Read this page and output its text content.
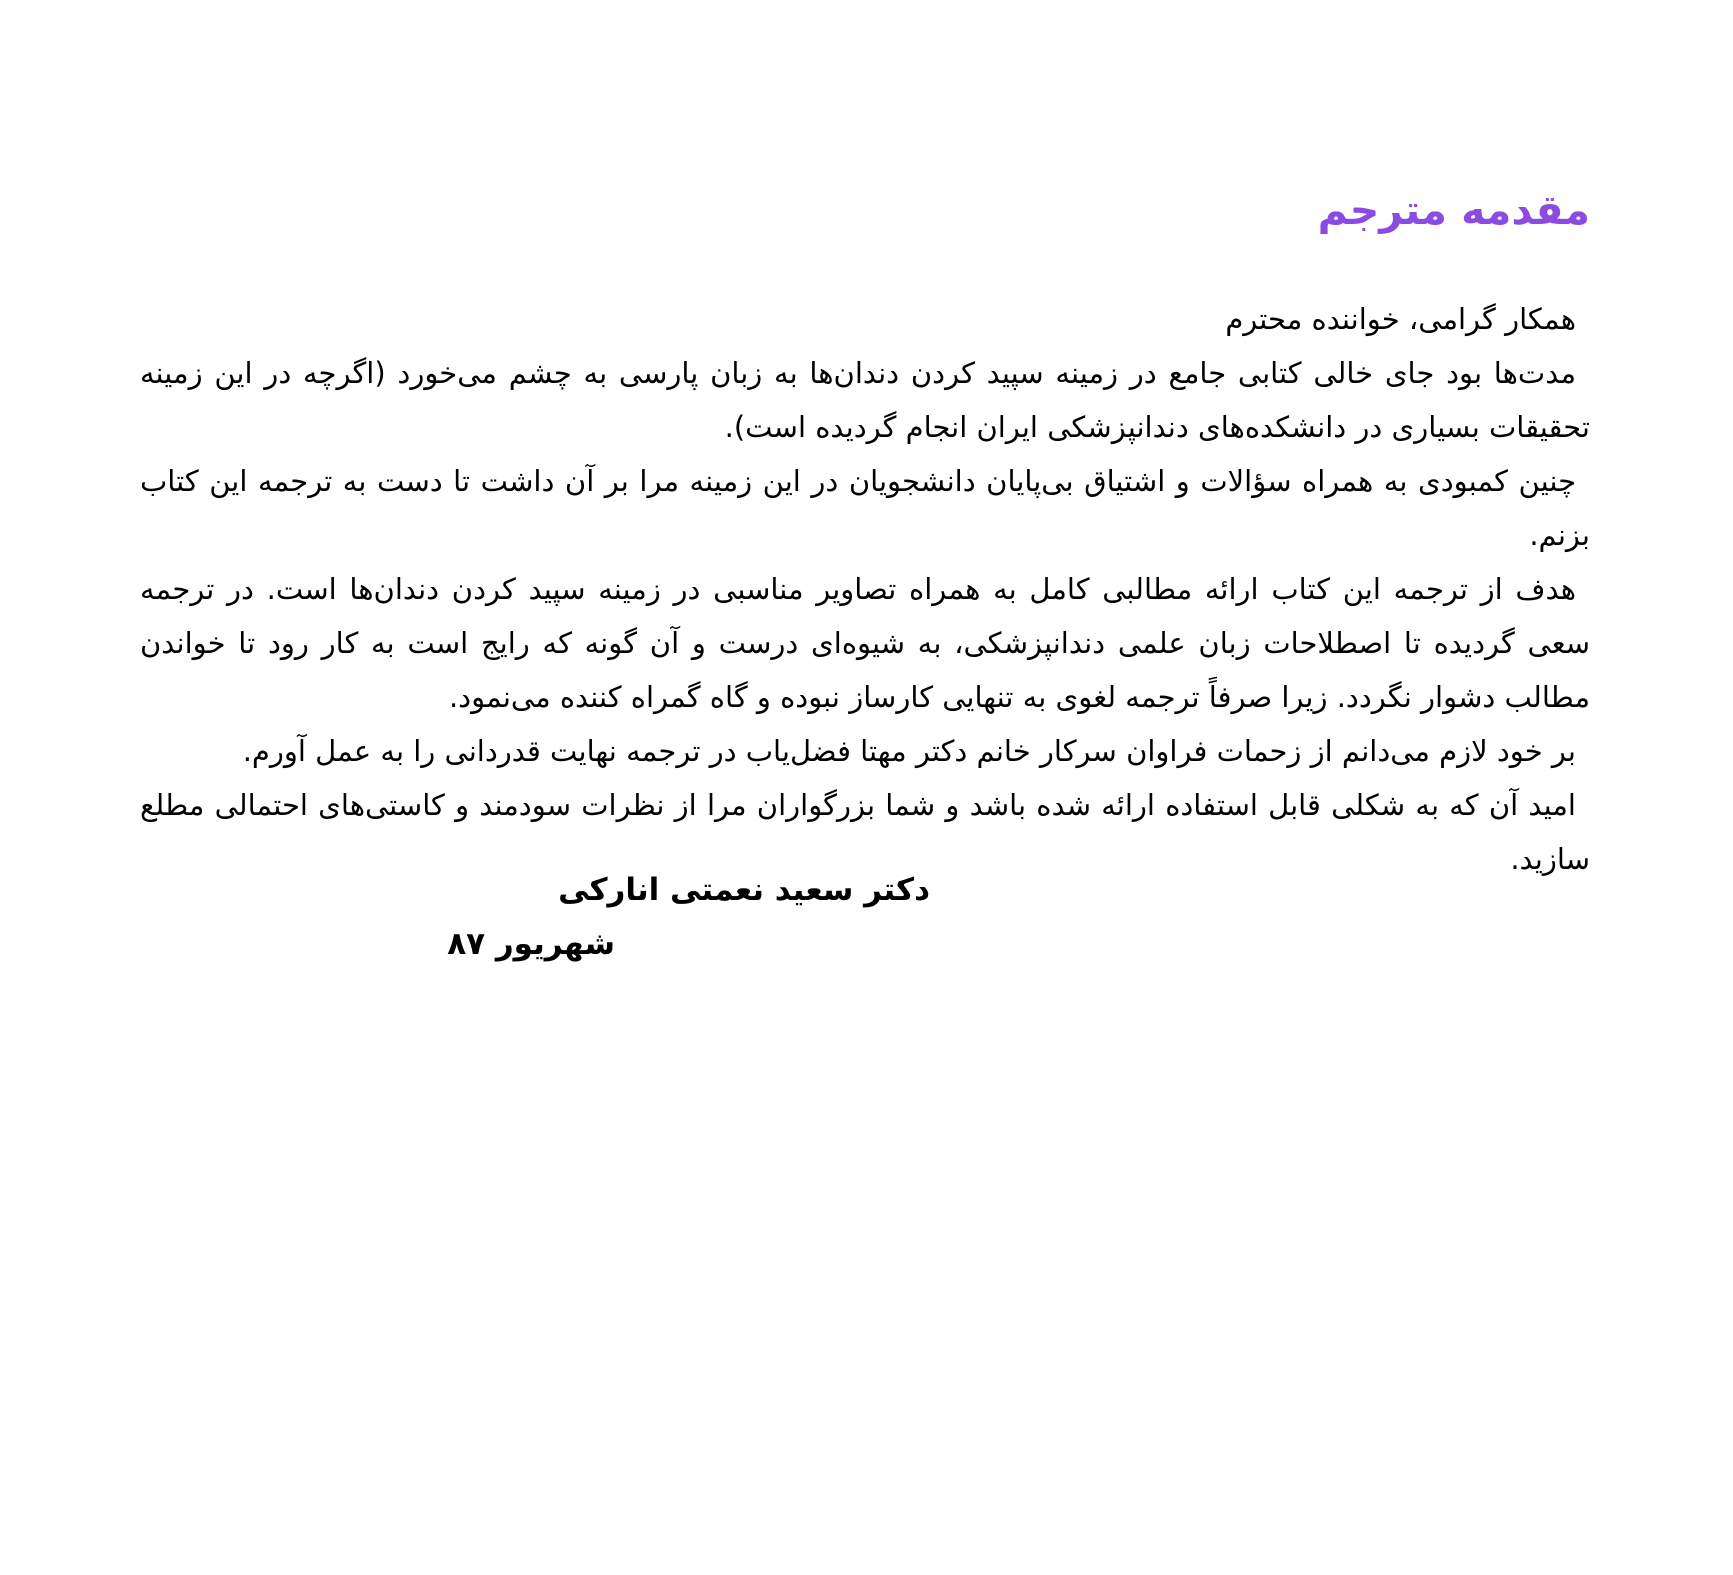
مقدمه مترجم

همکار گرامی، خواننده محترم

مدت‌ها بود جای خالی کتابی جامع در زمینه سپید کردن دندان‌ها به زبان پارسی به چشم می‌خورد (اگرچه در این زمینه تحقیقات بسیاری در دانشکده‌های دندانپزشکی ایران انجام گردیده است).

چنین کمبودی به همراه سؤالات و اشتیاق بی‌پایان دانشجویان در این زمینه مرا بر آن داشت تا دست به ترجمه این کتاب بزنم.

هدف از ترجمه این کتاب ارائه مطالبی کامل به همراه تصاویر مناسبی در زمینه سپید کردن دندان‌ها است. در ترجمه سعی گردیده تا اصطلاحات زبان علمی دندانپزشکی، به شیوه‌ای درست و آن گونه که رایج است به کار رود تا خواندن مطالب دشوار نگردد. زیرا صرفاً ترجمه لغوی به تنهایی کارساز نبوده و گاه گمراه کننده می‌نمود.

بر خود لازم می‌دانم از زحمات فراوان سرکار خانم دکتر مهتا فضل‌یاب در ترجمه نهایت قدردانی را به عمل آورم.

امید آن که به شکلی قابل استفاده ارائه شده باشد و شما بزرگواران مرا از نظرات سودمند و کاستی‌های احتمالی مطلع سازید.

دکتر سعید نعمتی اناركی
شهریور ۸۷
